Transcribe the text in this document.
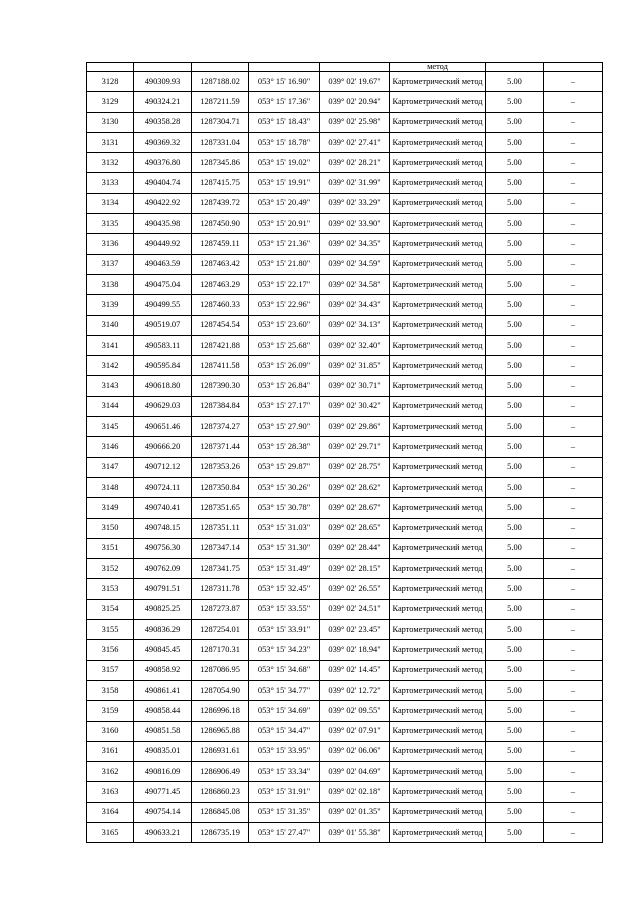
					метод		
3128	490309.93	1287188.02	053° 15' 16.90"	039° 02' 19.67"	Картометрический метод	5.00	–
3129	490324.21	1287211.59	053° 15' 17.36"	039° 02' 20.94"	Картометрический метод	5.00	–
3130	490358.28	1287304.71	053° 15' 18.43"	039° 02' 25.98"	Картометрический метод	5.00	–
3131	490369.32	1287331.04	053° 15' 18.78"	039° 02' 27.41"	Картометрический метод	5.00	–
3132	490376.80	1287345.86	053° 15' 19.02"	039° 02' 28.21"	Картометрический метод	5.00	–
3133	490404.74	1287415.75	053° 15' 19.91"	039° 02' 31.99"	Картометрический метод	5.00	–
3134	490422.92	1287439.72	053° 15' 20.49"	039° 02' 33.29"	Картометрический метод	5.00	–
3135	490435.98	1287450.90	053° 15' 20.91"	039° 02' 33.90"	Картометрический метод	5.00	–
3136	490449.92	1287459.11	053° 15' 21.36"	039° 02' 34.35"	Картометрический метод	5.00	–
3137	490463.59	1287463.42	053° 15' 21.80"	039° 02' 34.59"	Картометрический метод	5.00	–
3138	490475.04	1287463.29	053° 15' 22.17"	039° 02' 34.58"	Картометрический метод	5.00	–
3139	490499.55	1287460.33	053° 15' 22.96"	039° 02' 34.43"	Картометрический метод	5.00	–
3140	490519.07	1287454.54	053° 15' 23.60"	039° 02' 34.13"	Картометрический метод	5.00	–
3141	490583.11	1287421.88	053° 15' 25.68"	039° 02' 32.40"	Картометрический метод	5.00	–
3142	490595.84	1287411.58	053° 15' 26.09"	039° 02' 31.85"	Картометрический метод	5.00	–
3143	490618.80	1287390.30	053° 15' 26.84"	039° 02' 30.71"	Картометрический метод	5.00	–
3144	490629.03	1287384.84	053° 15' 27.17"	039° 02' 30.42"	Картометрический метод	5.00	–
3145	490651.46	1287374.27	053° 15' 27.90"	039° 02' 29.86"	Картометрический метод	5.00	–
3146	490666.20	1287371.44	053° 15' 28.38"	039° 02' 29.71"	Картометрический метод	5.00	–
3147	490712.12	1287353.26	053° 15' 29.87"	039° 02' 28.75"	Картометрический метод	5.00	–
3148	490724.11	1287350.84	053° 15' 30.26"	039° 02' 28.62"	Картометрический метод	5.00	–
3149	490740.41	1287351.65	053° 15' 30.78"	039° 02' 28.67"	Картометрический метод	5.00	–
3150	490748.15	1287351.11	053° 15' 31.03"	039° 02' 28.65"	Картометрический метод	5.00	–
3151	490756.30	1287347.14	053° 15' 31.30"	039° 02' 28.44"	Картометрический метод	5.00	–
3152	490762.09	1287341.75	053° 15' 31.49"	039° 02' 28.15"	Картометрический метод	5.00	–
3153	490791.51	1287311.78	053° 15' 32.45"	039° 02' 26.55"	Картометрический метод	5.00	–
3154	490825.25	1287273.87	053° 15' 33.55"	039° 02' 24.51"	Картометрический метод	5.00	–
3155	490836.29	1287254.01	053° 15' 33.91"	039° 02' 23.45"	Картометрический метод	5.00	–
3156	490845.45	1287170.31	053° 15' 34.23"	039° 02' 18.94"	Картометрический метод	5.00	–
3157	490858.92	1287086.95	053° 15' 34.68"	039° 02' 14.45"	Картометрический метод	5.00	–
3158	490861.41	1287054.90	053° 15' 34.77"	039° 02' 12.72"	Картометрический метод	5.00	–
3159	490858.44	1286996.18	053° 15' 34.69"	039° 02' 09.55"	Картометрический метод	5.00	–
3160	490851.58	1286965.88	053° 15' 34.47"	039° 02' 07.91"	Картометрический метод	5.00	–
3161	490835.01	1286931.61	053° 15' 33.95"	039° 02' 06.06"	Картометрический метод	5.00	–
3162	490816.09	1286906.49	053° 15' 33.34"	039° 02' 04.69"	Картометрический метод	5.00	–
3163	490771.45	1286860.23	053° 15' 31.91"	039° 02' 02.18"	Картометрический метод	5.00	–
3164	490754.14	1286845.08	053° 15' 31.35"	039° 02' 01.35"	Картометрический метод	5.00	–
3165	490633.21	1286735.19	053° 15' 27.47"	039° 01' 55.38"	Картометрический метод	5.00	–
